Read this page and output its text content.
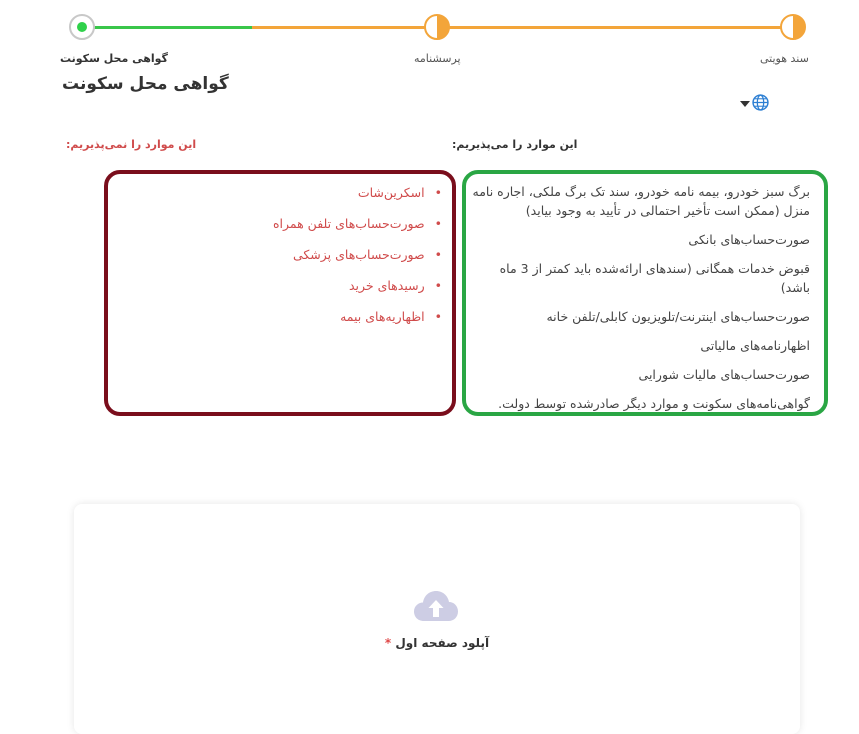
گواهی محل سکونت	پرسشنامه	سند هویتی
گواهی محل سکونت
این موارد را نمی‌پذیریم:	این موارد را می‌پذیریم:
برگ سبز خودرو، بیمه نامه خودرو، سند تک برگ ملکی، اجاره نامه منزل (ممکن است تأخیر احتمالی در تأیید به وجود بیاید)
صورت‌حساب‌های بانکی
قبوض خدمات همگانی (سندهای ارائه‌شده باید کمتر از 3 ماه باشد)
صورت‌حساب‌های اینترنت/تلویزیون کابلی/تلفن خانه
اظهارنامه‌های مالیاتی
صورت‌حساب‌های مالیات شورایی
گواهی‌نامه‌های سکونت و موارد دیگر صادرشده توسط دولت.
• اسکرین‌شات
• صورت‌حساب‌های تلفن همراه
• صورت‌حساب‌های پزشکی
• رسیدهای خرید
• اظهاریه‌های بیمه
آپلود صفحه اول *
